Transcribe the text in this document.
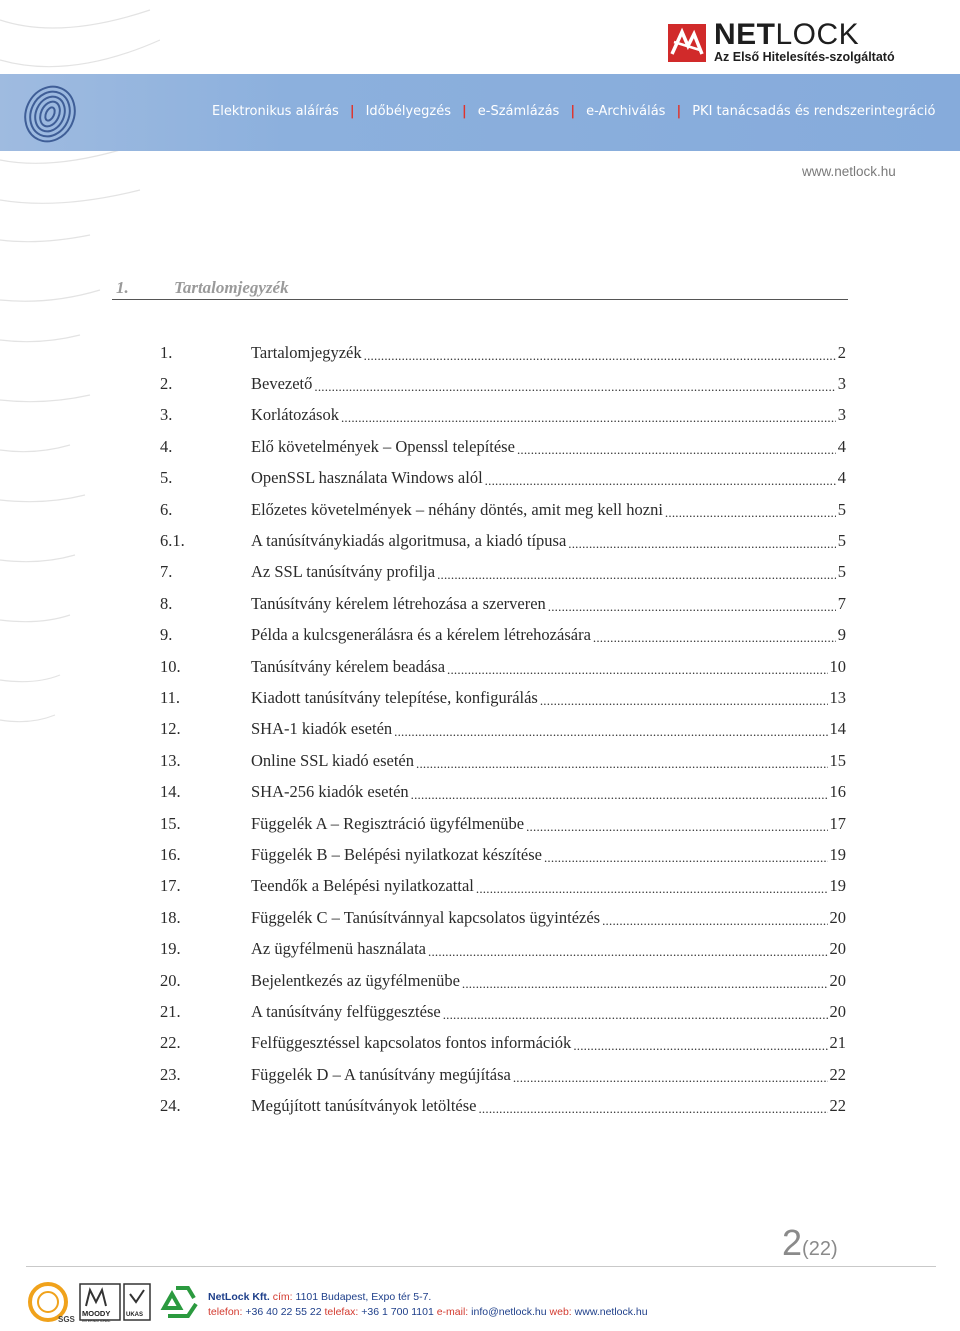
NETLOCK
Az Első Hitelesítés-szolgáltató
Elektronikus aláírás | Időbélyegzés | e-Számlázás | e-Archiválás | PKI tanácsadás és rendszerintegráció
www.netlock.hu
1.	Tartalomjegyzék
1.	Tartalomjegyzék .....	2
2.	Bevezető .....	3
3.	Korlátozások .....	3
4.	Elő követelmények – Openssl telepítése .....	4
5.	OpenSSL használata Windows alól .....	4
6.	Előzetes követelmények – néhány döntés, amit meg kell hozni .....	5
6.1.	A tanúsítványkiadás algoritmusa, a kiadó típusa .....	5
7.	Az SSL tanúsítvány profilja .....	5
8.	Tanúsítvány kérelem létrehozása a szerveren .....	7
9.	Példa a kulcsgenerálásra és a kérelem létrehozására .....	9
10.	Tanúsítvány kérelem beadása .....	10
11.	Kiadott tanúsítvány telepítése, konfigurálás .....	13
12.	SHA-1 kiadók esetén .....	14
13.	Online SSL kiadó esetén .....	15
14.	SHA-256 kiadók esetén .....	16
15.	Függelék A – Regisztráció ügyfélmenübe .....	17
16.	Függelék B – Belépési nyilatkozat készítése .....	19
17.	Teendők a Belépési nyilatkozattal .....	19
18.	Függelék C – Tanúsítvánnyal kapcsolatos ügyintézés .....	20
19.	Az ügyfélmenü használata .....	20
20.	Bejelentkezés az ügyfélmenübe .....	20
21.	A tanúsítvány felfüggesztése .....	20
22.	Felfüggesztéssel kapcsolatos fontos információk .....	21
23.	Függelék D – A tanúsítvány megújítása .....	22
24.	Megújított tanúsítványok letöltése .....	22
2(22)
SGS
MOODY
INTERNATIONAL
UKAS
NetLock Kft. cím: 1101 Budapest, Expo tér 5-7.
telefon: +36 40 22 55 22 telefax: +36 1 700 1101 e-mail: info@netlock.hu web: www.netlock.hu
